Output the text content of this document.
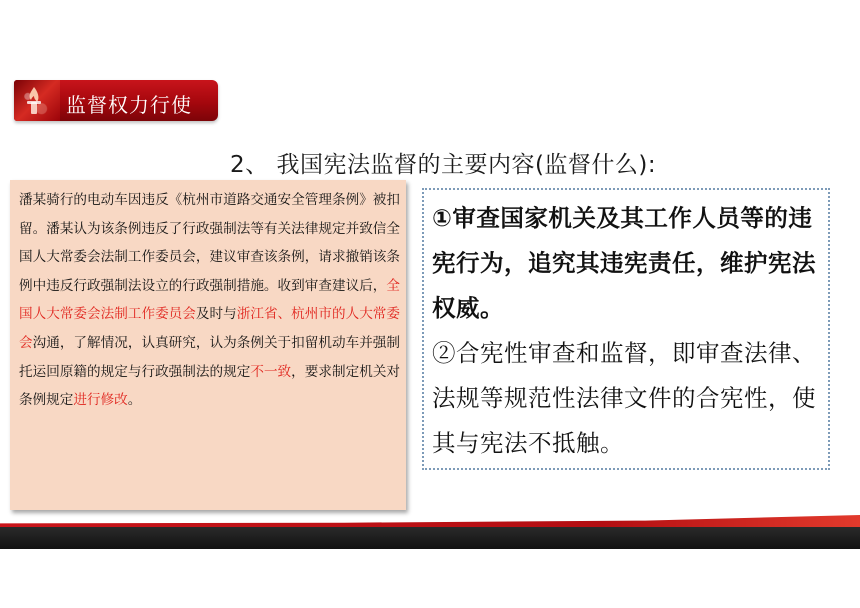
监督权力行使
2、 我国宪法监督的主要内容(监督什么):

潘某骑行的电动车因违反《杭州市道路交通安全管理条例》被扣留。潘某认为该条例违反了行政强制法等有关法律规定并致信全国人大常委会法制工作委员会，建议审查该条例，请求撤销该条例中违反行政强制法设立的行政强制措施。收到审查建议后，全国人大常委会法制工作委员会及时与浙江省、杭州市的人大常委会沟通，了解情况，认真研究，认为条例关于扣留机动车并强制托运回原籍的规定与行政强制法的规定不一致，要求制定机关对条例规定进行修改。

①审查国家机关及其工作人员等的违宪行为，追究其违宪责任，维护宪法权威。

②合宪性审查和监督，即审查法律、法规等规范性法律文件的合宪性，使其与宪法不抵触。
